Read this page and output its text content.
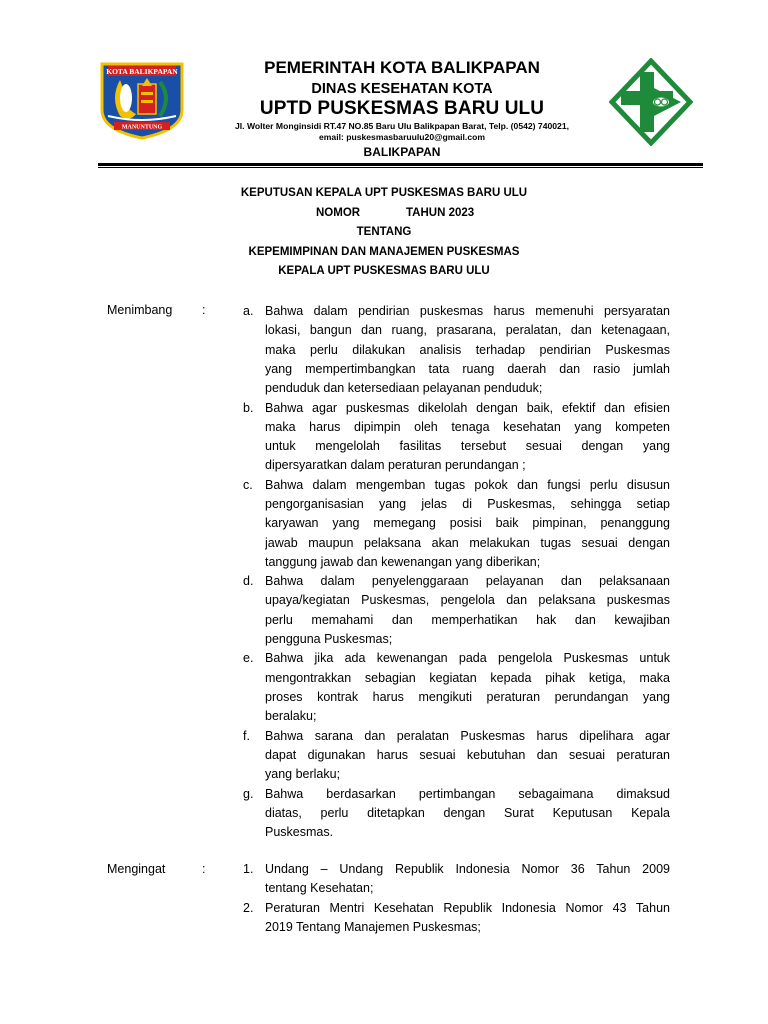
KOTA BALIKPAPAN
MANUNTUNG
PEMERINTAH KOTA BALIKPAPAN
DINAS KESEHATAN KOTA
UPTD PUSKESMAS BARU ULU
Jl. Wolter Monginsidi RT.47 NO.85 Baru Ulu Balikpapan Barat, Telp. (0542) 740021,
email: puskesmasbaruulu20@gmail.com
BALIKPAPAN
KEPUTUSAN KEPALA UPT PUSKESMAS BARU ULU
NOMOR	TAHUN 2023
TENTANG
KEPEMIMPINAN DAN MANAJEMEN PUSKESMAS
KEPALA UPT PUSKESMAS BARU ULU
Menimbang :	a. Bahwa dalam pendirian puskesmas harus memenuhi persyaratan
lokasi, bangun dan ruang, prasarana, peralatan, dan ketenagaan,
maka perlu dilakukan analisis terhadap pendirian Puskesmas
yang mempertimbangkan tata ruang daerah dan rasio jumlah
penduduk dan ketersediaan pelayanan penduduk;
b. Bahwa agar puskesmas dikelolah dengan baik, efektif dan efisien
maka harus dipimpin oleh tenaga kesehatan yang kompeten
untuk mengelolah fasilitas tersebut sesuai dengan yang
dipersyaratkan dalam peraturan perundangan ;
c. Bahwa dalam mengemban tugas pokok dan fungsi perlu disusun
pengorganisasian yang jelas di Puskesmas, sehingga setiap
karyawan yang memegang posisi baik pimpinan, penanggung
jawab maupun pelaksana akan melakukan tugas sesuai dengan
tanggung jawab dan kewenangan yang diberikan;
d. Bahwa dalam penyelenggaraan pelayanan dan pelaksanaan
upaya/kegiatan Puskesmas, pengelola dan pelaksana puskesmas
perlu memahami dan memperhatikan hak dan kewajiban
pengguna Puskesmas;
e. Bahwa jika ada kewenangan pada pengelola Puskesmas untuk
mengontrakkan sebagian kegiatan kepada pihak ketiga, maka
proses kontrak harus mengikuti peraturan perundangan yang
beralaku;
f. Bahwa sarana dan peralatan Puskesmas harus dipelihara agar
dapat digunakan harus sesuai kebutuhan dan sesuai peraturan
yang berlaku;
g. Bahwa berdasarkan pertimbangan sebagaimana dimaksud
diatas, perlu ditetapkan dengan Surat Keputusan Kepala
Puskesmas.
Mengingat	:	1. Undang – Undang Republik Indonesia Nomor 36 Tahun 2009
tentang Kesehatan;
2. Peraturan Mentri Kesehatan Republik Indonesia Nomor 43 Tahun
2019 Tentang Manajemen Puskesmas;
